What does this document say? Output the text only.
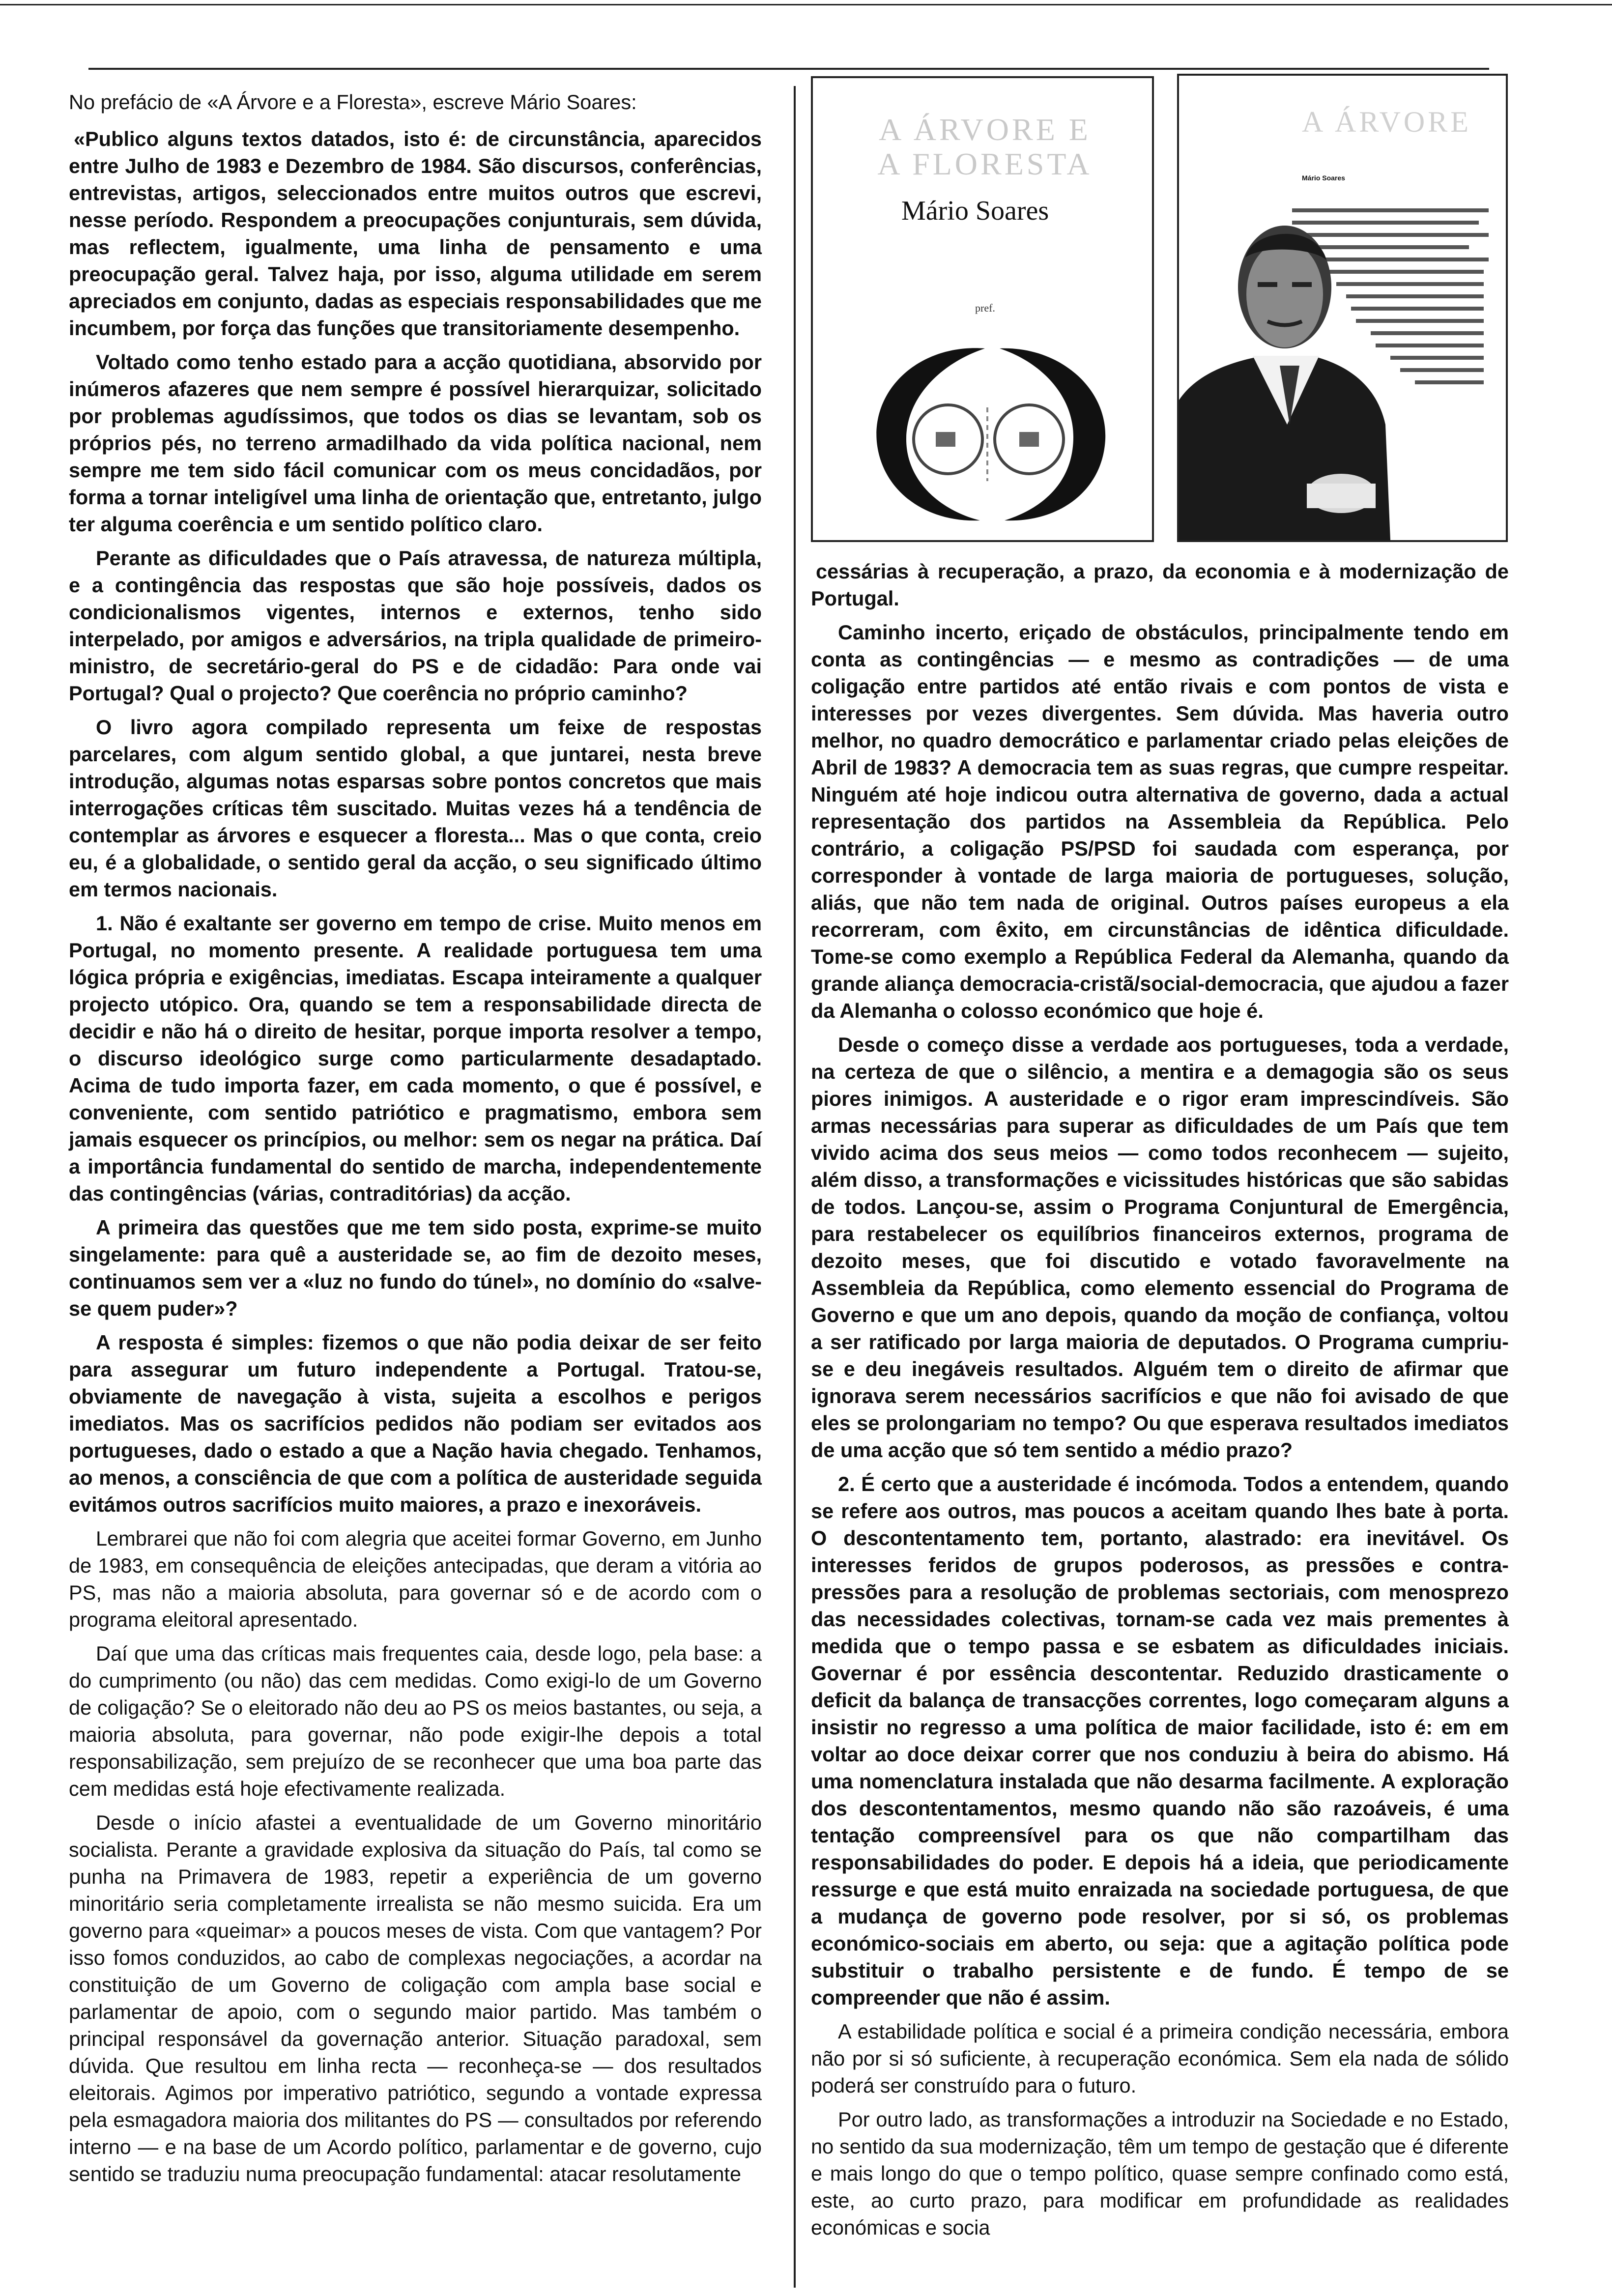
No prefácio de «A Árvore e a Floresta», escreve Mário Soares:

«Publico alguns textos datados, isto é: de circunstância, aparecidos entre Julho de 1983 e Dezembro de 1984. São discursos, conferências, entrevistas, artigos, seleccionados entre muitos outros que escrevi, nesse período. Respondem a preocupações conjunturais, sem dúvida, mas reflectem, igualmente, uma linha de pensamento e uma preocupação geral. Talvez haja, por isso, alguma utilidade em serem apreciados em conjunto, dadas as especiais responsabilidades que me incumbem, por força das funções que transitoriamente desempenho.

Voltado como tenho estado para a acção quotidiana, absorvido por inúmeros afazeres que nem sempre é possível hierarquizar, solicitado por problemas agudíssimos, que todos os dias se levantam, sob os próprios pés, no terreno armadilhado da vida política nacional, nem sempre me tem sido fácil comunicar com os meus concidadãos, por forma a tornar inteligível uma linha de orientação que, entretanto, julgo ter alguma coerência e um sentido político claro.

Perante as dificuldades que o País atravessa, de natureza múltipla, e a contingência das respostas que são hoje possíveis, dados os condicionalismos vigentes, internos e externos, tenho sido interpelado, por amigos e adversários, na tripla qualidade de primeiro-ministro, de secretário-geral do PS e de cidadão: Para onde vai Portugal? Qual o projecto? Que coerência no próprio caminho?

O livro agora compilado representa um feixe de respostas parcelares, com algum sentido global, a que juntarei, nesta breve introdução, algumas notas esparsas sobre pontos concretos que mais interrogações críticas têm suscitado. Muitas vezes há a tendência de contemplar as árvores e esquecer a floresta... Mas o que conta, creio eu, é a globalidade, o sentido geral da acção, o seu significado último em termos nacionais.

1. Não é exaltante ser governo em tempo de crise. Muito menos em Portugal, no momento presente. A realidade portuguesa tem uma lógica própria e exigências, imediatas. Escapa inteiramente a qualquer projecto utópico. Ora, quando se tem a responsabilidade directa de decidir e não há o direito de hesitar, porque importa resolver a tempo, o discurso ideológico surge como particularmente desadaptado. Acima de tudo importa fazer, em cada momento, o que é possível, e conveniente, com sentido patriótico e pragmatismo, embora sem jamais esquecer os princípios, ou melhor: sem os negar na prática. Daí a importância fundamental do sentido de marcha, independentemente das contingências (várias, contraditórias) da acção.

A primeira das questões que me tem sido posta, exprime-se muito singelamente: para quê a austeridade se, ao fim de dezoito meses, continuamos sem ver a «luz no fundo do túnel», no domínio do «salve-se quem puder»?

A resposta é simples: fizemos o que não podia deixar de ser feito para assegurar um futuro independente a Portugal. Tratou-se, obviamente de navegação à vista, sujeita a escolhos e perigos imediatos. Mas os sacrifícios pedidos não podiam ser evitados aos portugueses, dado o estado a que a Nação havia chegado. Tenhamos, ao menos, a consciência de que com a política de austeridade seguida evitámos outros sacrifícios muito maiores, a prazo e inexoráveis.

Lembrarei que não foi com alegria que aceitei formar Governo, em Junho de 1983, em consequência de eleições antecipadas, que deram a vitória ao PS, mas não a maioria absoluta, para governar só e de acordo com o programa eleitoral apresentado.

Daí que uma das críticas mais frequentes caia, desde logo, pela base: a do cumprimento (ou não) das cem medidas. Como exigi-lo de um Governo de coligação? Se o eleitorado não deu ao PS os meios bastantes, ou seja, a maioria absoluta, para governar, não pode exigir-lhe depois a total responsabilização, sem prejuízo de se reconhecer que uma boa parte das cem medidas está hoje efectivamente realizada.

Desde o início afastei a eventualidade de um Governo minoritário socialista. Perante a gravidade explosiva da situação do País, tal como se punha na Primavera de 1983, repetir a experiência de um governo minoritário seria completamente irrealista se não mesmo suicida. Era um governo para «queimar» a poucos meses de vista. Com que vantagem? Por isso fomos conduzidos, ao cabo de complexas negociações, a acordar na constituição de um Governo de coligação com ampla base social e parlamentar de apoio, com o segundo maior partido. Mas também o principal responsável da governação anterior. Situação paradoxal, sem dúvida. Que resultou em linha recta — reconheça-se — dos resultados eleitorais. Agimos por imperativo patriótico, segundo a vontade expressa pela esmagadora maioria dos militantes do PS — consultados por referendo interno — e na base de um Acordo político, parlamentar e de governo, cujo sentido se traduziu numa preocupação fundamental: atacar resolutamente

A ÁRVORE E A FLORESTA
Mário Soares
pref.
A ÁRVORE
Mário Soares

cessárias à recuperação, a prazo, da economia e à modernização de Portugal.

Caminho incerto, eriçado de obstáculos, principalmente tendo em conta as contingências — e mesmo as contradições — de uma coligação entre partidos até então rivais e com pontos de vista e interesses por vezes divergentes. Sem dúvida. Mas haveria outro melhor, no quadro democrático e parlamentar criado pelas eleições de Abril de 1983? A democracia tem as suas regras, que cumpre respeitar. Ninguém até hoje indicou outra alternativa de governo, dada a actual representação dos partidos na Assembleia da República. Pelo contrário, a coligação PS/PSD foi saudada com esperança, por corresponder à vontade de larga maioria de portugueses, solução, aliás, que não tem nada de original. Outros países europeus a ela recorreram, com êxito, em circunstâncias de idêntica dificuldade. Tome-se como exemplo a República Federal da Alemanha, quando da grande aliança democracia-cristã/social-democracia, que ajudou a fazer da Alemanha o colosso económico que hoje é.

Desde o começo disse a verdade aos portugueses, toda a verdade, na certeza de que o silêncio, a mentira e a demagogia são os seus piores inimigos. A austeridade e o rigor eram imprescindíveis. São armas necessárias para superar as dificuldades de um País que tem vivido acima dos seus meios — como todos reconhecem — sujeito, além disso, a transformações e vicissitudes históricas que são sabidas de todos. Lançou-se, assim o Programa Conjuntural de Emergência, para restabelecer os equilíbrios financeiros externos, programa de dezoito meses, que foi discutido e votado favoravelmente na Assembleia da República, como elemento essencial do Programa de Governo e que um ano depois, quando da moção de confiança, voltou a ser ratificado por larga maioria de deputados. O Programa cumpriu-se e deu inegáveis resultados. Alguém tem o direito de afirmar que ignorava serem necessários sacrifícios e que não foi avisado de que eles se prolongariam no tempo? Ou que esperava resultados imediatos de uma acção que só tem sentido a médio prazo?

2. É certo que a austeridade é incómoda. Todos a entendem, quando se refere aos outros, mas poucos a aceitam quando lhes bate à porta. O descontentamento tem, portanto, alastrado: era inevitável. Os interesses feridos de grupos poderosos, as pressões e contra-pressões para a resolução de problemas sectoriais, com menosprezo das necessidades colectivas, tornam-se cada vez mais prementes à medida que o tempo passa e se esbatem as dificuldades iniciais. Governar é por essência descontentar. Reduzido drasticamente o deficit da balança de transacções correntes, logo começaram alguns a insistir no regresso a uma política de maior facilidade, isto é: em em voltar ao doce deixar correr que nos conduziu à beira do abismo. Há uma nomenclatura instalada que não desarma facilmente. A exploração dos descontentamentos, mesmo quando não são razoáveis, é uma tentação compreensível para os que não compartilham das responsabilidades do poder. E depois há a ideia, que periodicamente ressurge e que está muito enraizada na sociedade portuguesa, de que a mudança de governo pode resolver, por si só, os problemas económico-sociais em aberto, ou seja: que a agitação política pode substituir o trabalho persistente e de fundo. É tempo de se compreender que não é assim.

A estabilidade política e social é a primeira condição necessária, embora não por si só suficiente, à recuperação económica. Sem ela nada de sólido poderá ser construído para o futuro.

Por outro lado, as transformações a introduzir na Sociedade e no Estado, no sentido da sua modernização, têm um tempo de gestação que é diferente e mais longo do que o tempo político, quase sempre confinado como está, este, ao curto prazo, para modificar em profundidade as realidades económicas e socia
